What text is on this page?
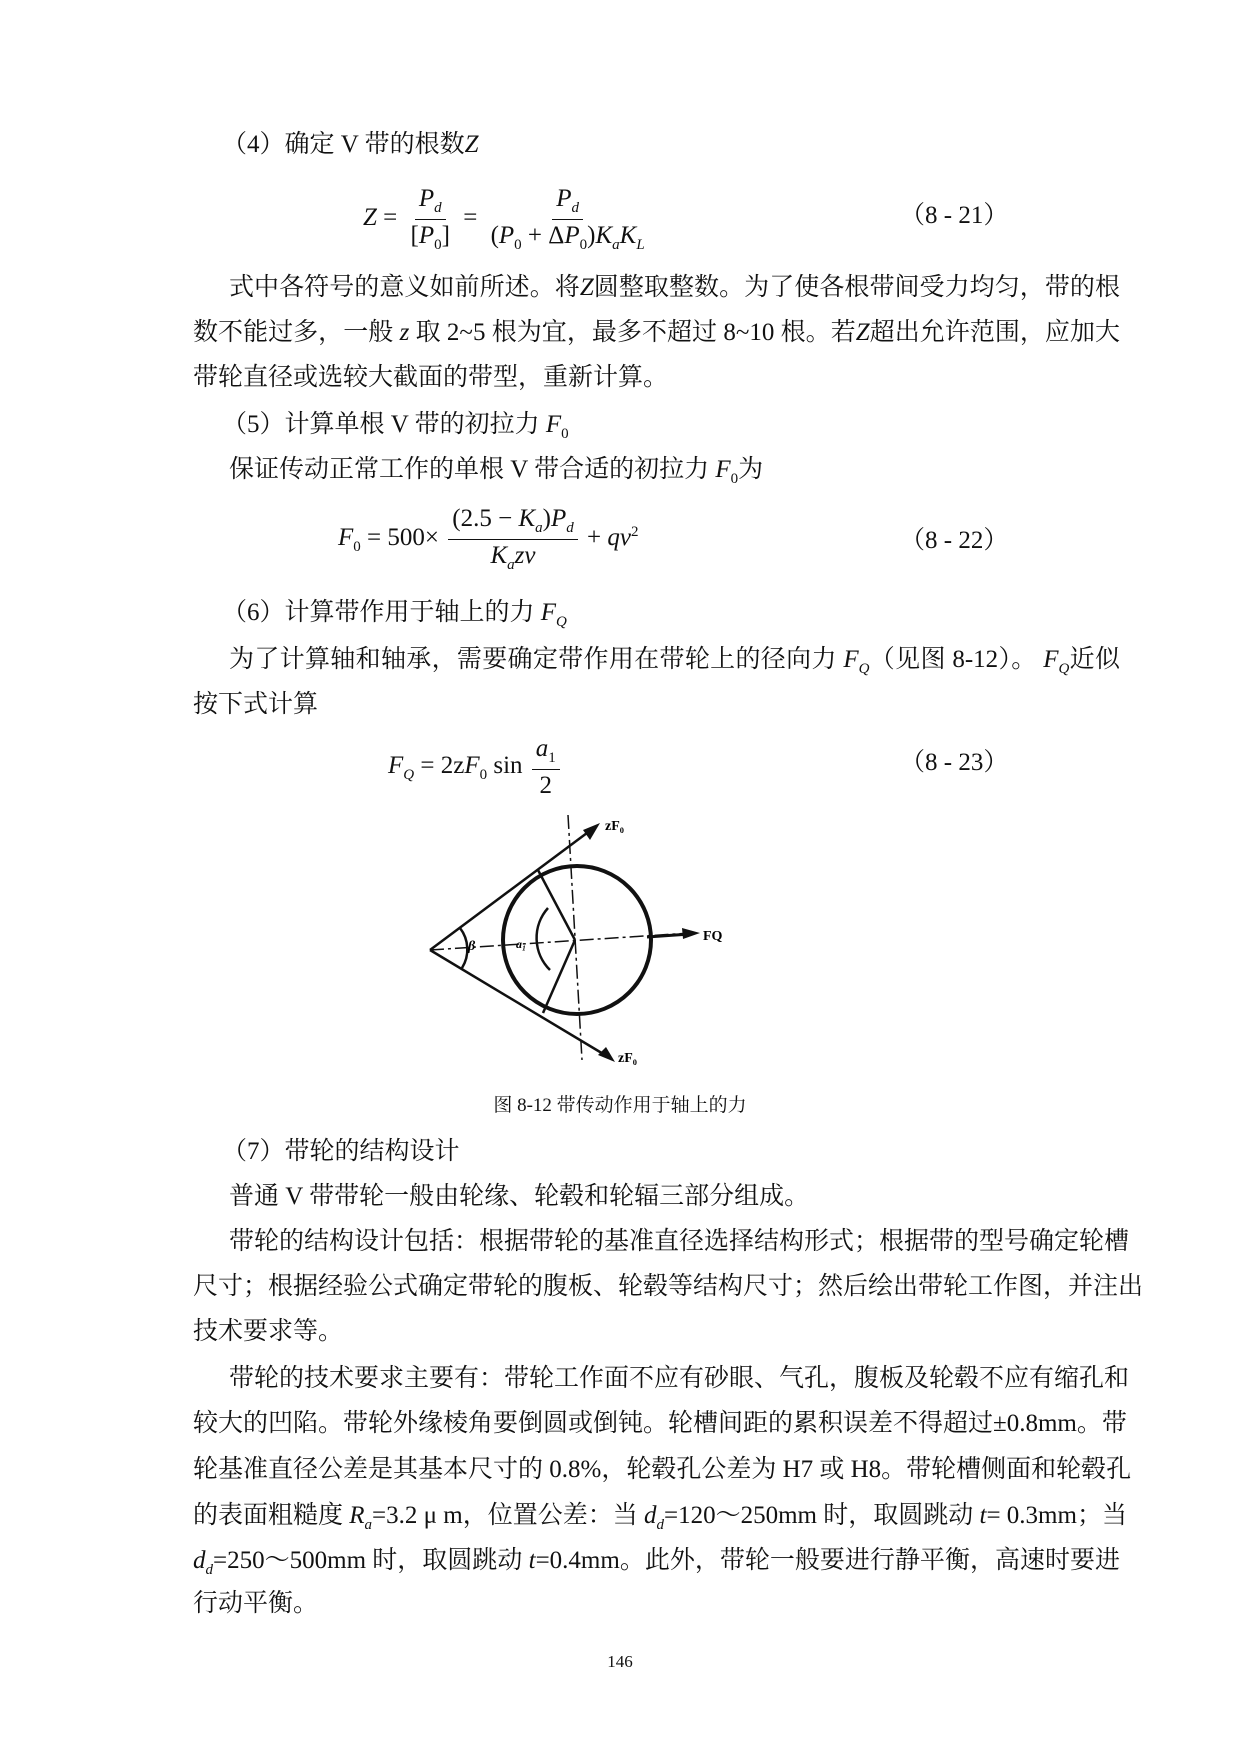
（4）确定 V 带的根数Z
$Z = \frac{P_d}{[P_0]} = \frac{P_d}{(P_0 + \Delta P_0)K_aK_L}$	（8 - 21）
式中各符号的意义如前所述。将Z圆整取整数。为了使各根带间受力均匀，带的根
数不能过多，一般 z 取 2~5 根为宜，最多不超过 8~10 根。若Z超出允许范围，应加大
带轮直径或选较大截面的带型，重新计算。
（5）计算单根 V 带的初拉力 $F_0$
保证传动正常工作的单根 V 带合适的初拉力 $F_0$为
$F_0 = 500\times \frac{(2.5 - K_a)P_d}{K_azv} + qv^2$	（8 - 22）
（6）计算带作用于轴上的力 $F_Q$
为了计算轴和轴承，需要确定带作用在带轮上的径向力 $F_Q$（见图 8-12）。 $F_Q$近似
按下式计算
$F_Q = 2zF_0$ $\sin \frac{a_1}{2}$	（8 - 23）
zF₀
zF₀
FQ
β	a₁
图 8-12 带传动作用于轴上的力
（7）带轮的结构设计
普通 V 带带轮一般由轮缘、轮毂和轮辐三部分组成。
带轮的结构设计包括：根据带轮的基准直径选择结构形式；根据带的型号确定轮槽
尺寸；根据经验公式确定带轮的腹板、轮毂等结构尺寸；然后绘出带轮工作图，并注出
技术要求等。
带轮的技术要求主要有：带轮工作面不应有砂眼、气孔，腹板及轮毂不应有缩孔和
较大的凹陷。带轮外缘棱角要倒圆或倒钝。轮槽间距的累积误差不得超过±0.8mm。带
轮基准直径公差是其基本尺寸的 0.8%，轮毂孔公差为 H7 或 H8。带轮槽侧面和轮毂孔
的表面粗糙度 $R_a=3.2$ μ m，位置公差：当 $d_d=120\sim 250mm$ 时，取圆跳动 t= 0.3mm；当
$d_d=250\sim 500mm$ 时，取圆跳动 t=0.4mm。此外，带轮一般要进行静平衡，高速时要进
行动平衡。
146
